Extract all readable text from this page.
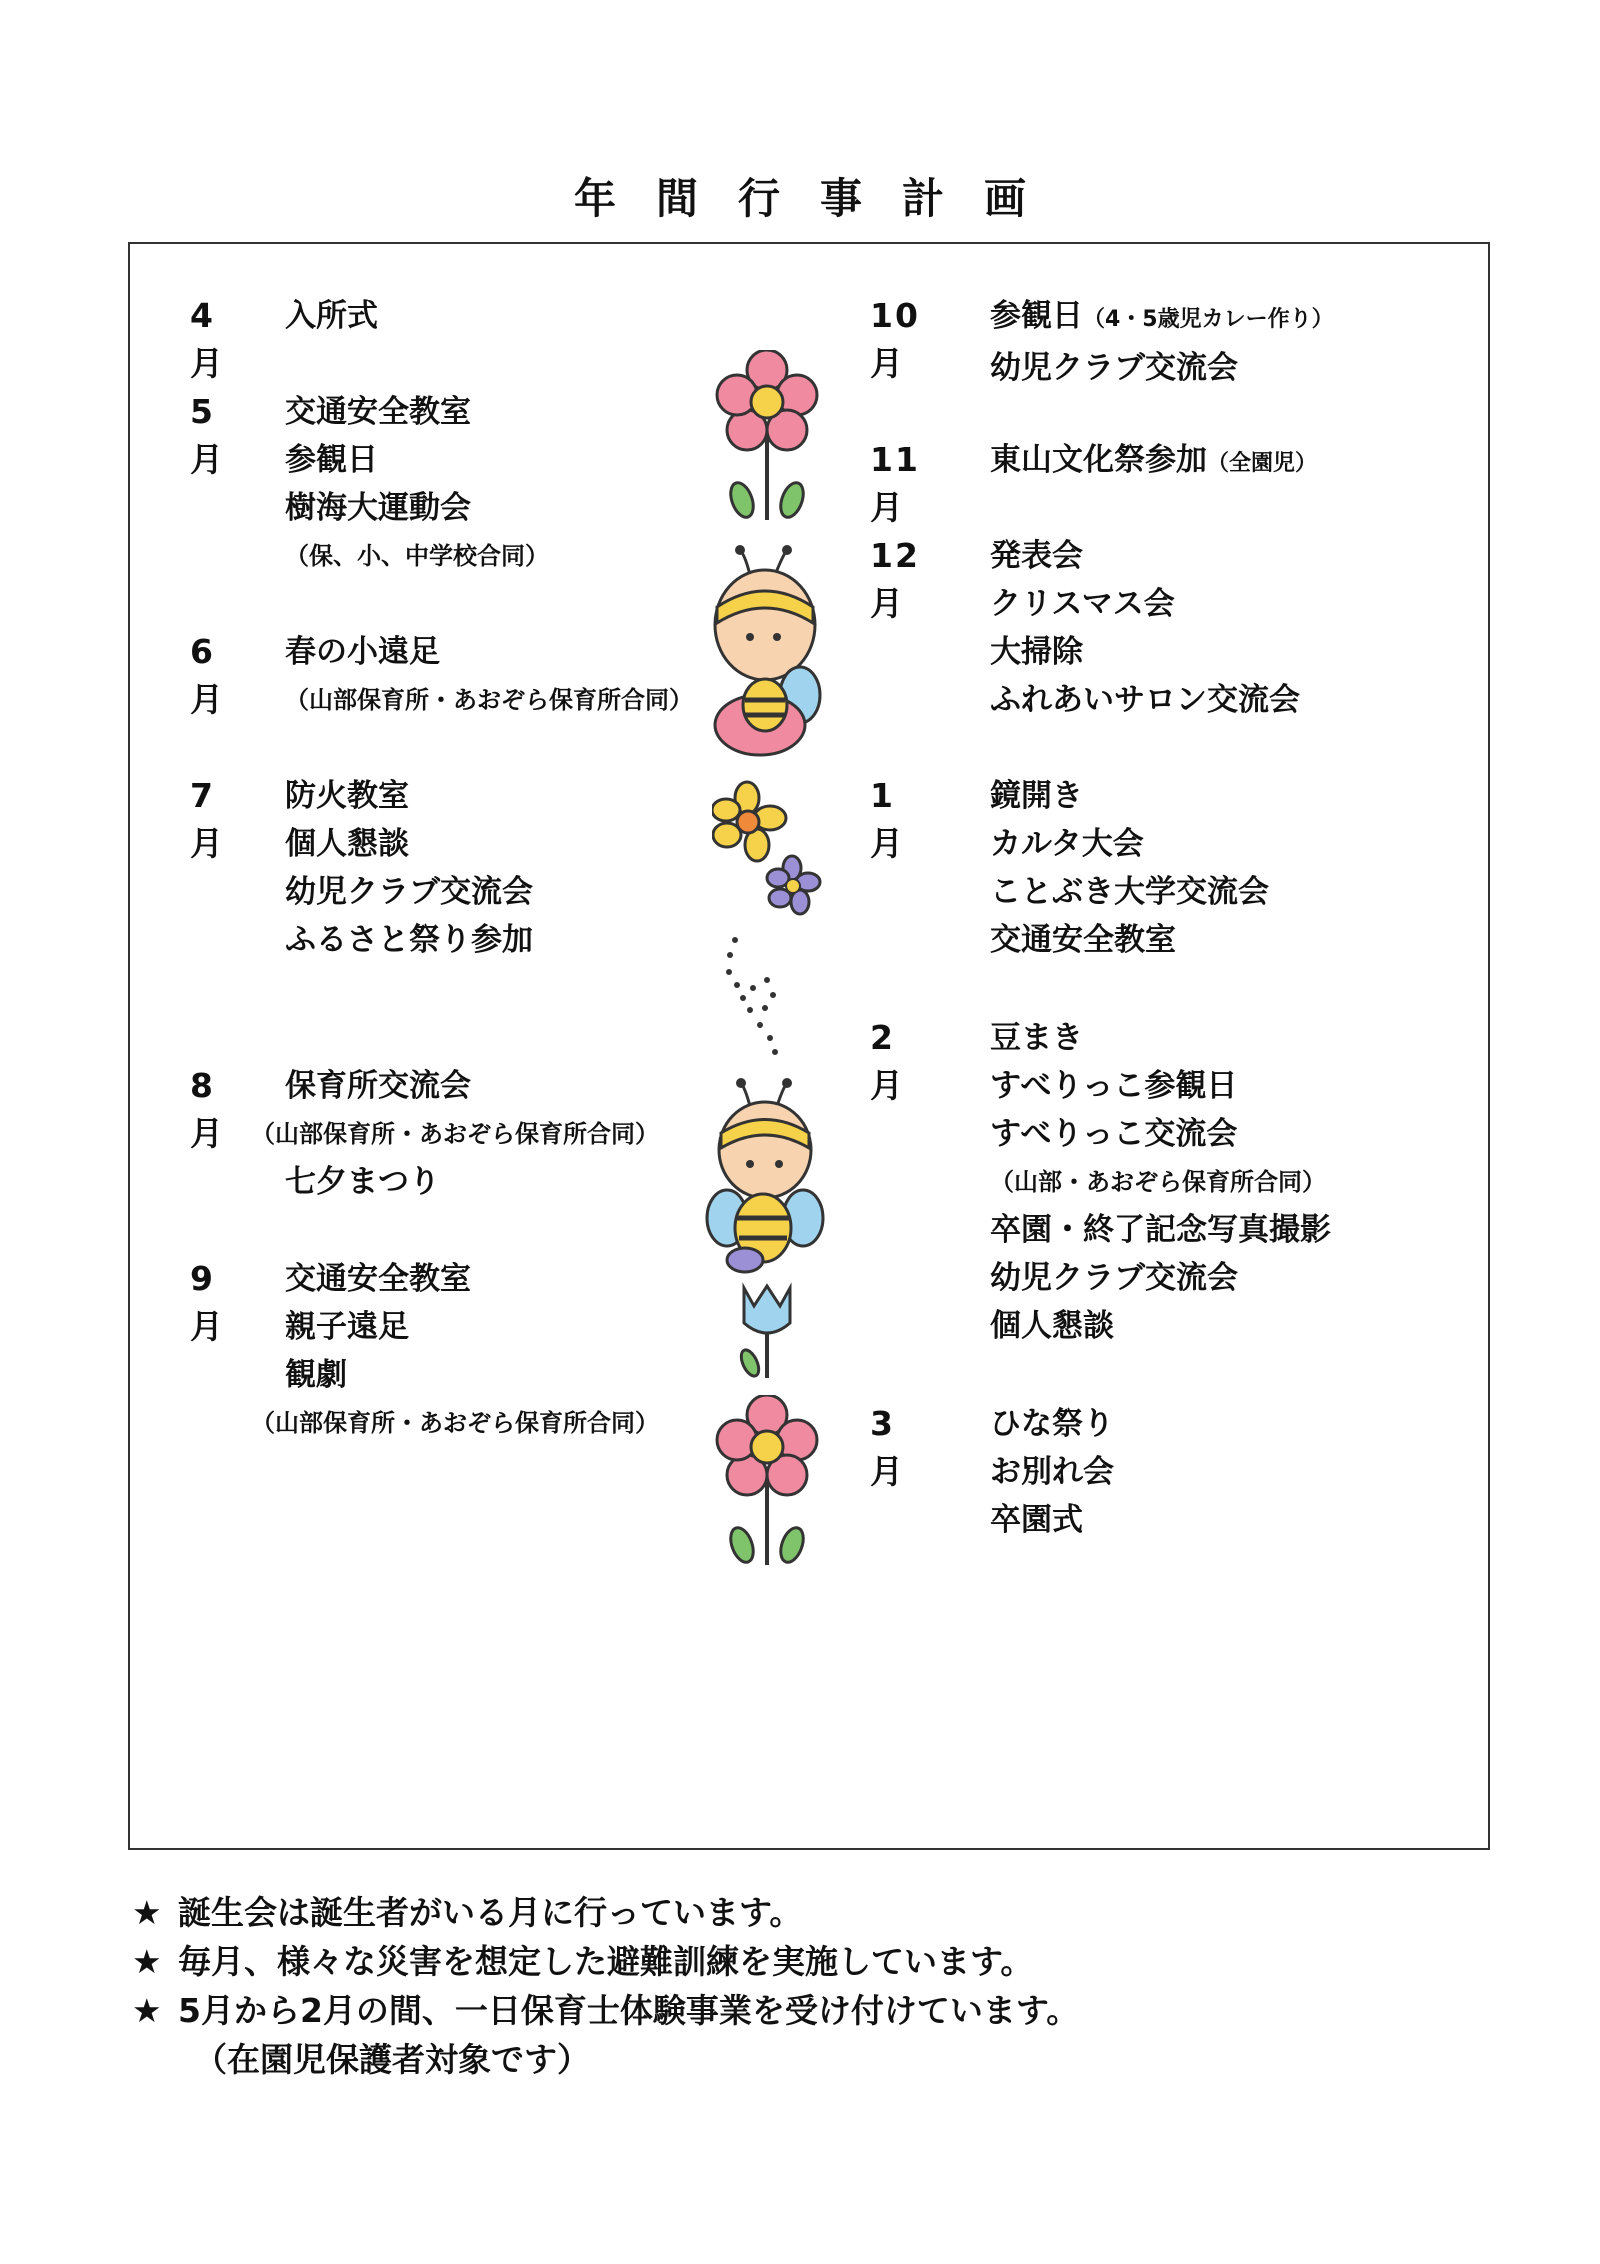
年間行事計画
4月
入所式
5月
交通安全教室
参観日
樹海大運動会
（保、小、中学校合同）
6月
春の小遠足
（山部保育所・あおぞら保育所合同）
7月
防火教室
個人懇談
幼児クラブ交流会
ふるさと祭り参加
8月
保育所交流会
（山部保育所・あおぞら保育所合同）
七夕まつり
9月
交通安全教室
親子遠足
観劇
（山部保育所・あおぞら保育所合同）
10月
参観日（4・5歳児カレー作り）
幼児クラブ交流会
11月
東山文化祭参加（全園児）
12月
発表会
クリスマス会
大掃除
ふれあいサロン交流会
1月
鏡開き
カルタ大会
ことぶき大学交流会
交通安全教室
2月
豆まき
すべりっこ参観日
すべりっこ交流会
（山部・あおぞら保育所合同）
卒園・終了記念写真撮影
幼児クラブ交流会
個人懇談
3月
ひな祭り
お別れ会
卒園式
★ 誕生会は誕生者がいる月に行っています。
★ 毎月、様々な災害を想定した避難訓練を実施しています。
★ 5月から2月の間、一日保育士体験事業を受け付けています。
（在園児保護者対象です）
